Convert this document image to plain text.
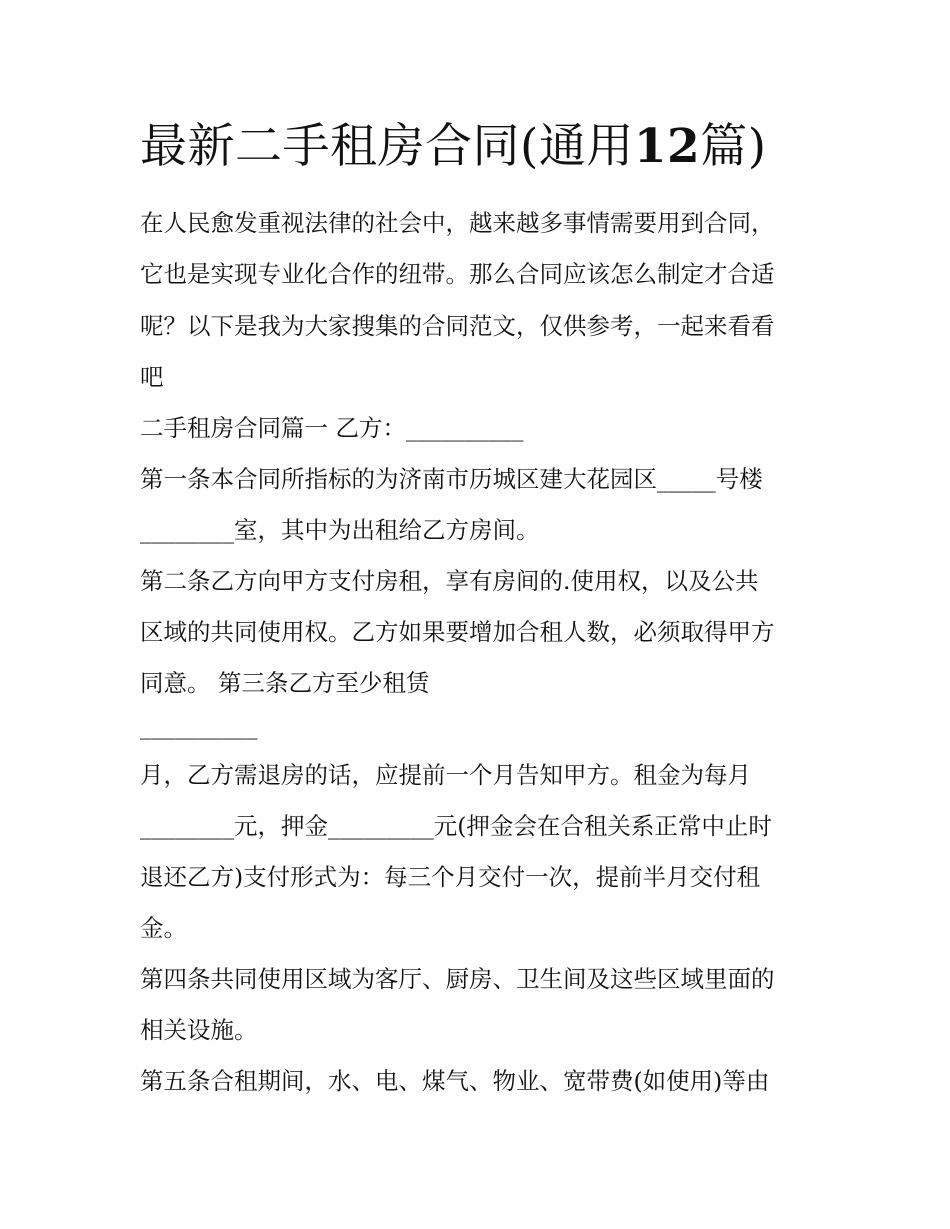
最新二手租房合同(通用12篇)
在人民愈发重视法律的社会中，越来越多事情需要用到合同，
它也是实现专业化合作的纽带。那么合同应该怎么制定才合适
呢？以下是我为大家搜集的合同范文，仅供参考，一起来看看
吧
二手租房合同篇一 乙方：__________
第一条本合同所指标的为济南市历城区建大花园区_____号楼
________室，其中为出租给乙方房间。
第二条乙方向甲方支付房租，享有房间的.使用权，以及公共
区域的共同使用权。乙方如果要增加合租人数，必须取得甲方
同意。 第三条乙方至少租赁
__________
月，乙方需退房的话，应提前一个月告知甲方。租金为每月
________元，押金_________元(押金会在合租关系正常中止时
退还乙方)支付形式为：每三个月交付一次，提前半月交付租
金。
第四条共同使用区域为客厅、厨房、卫生间及这些区域里面的
相关设施。
第五条合租期间，水、电、煤气、物业、宽带费(如使用)等由
